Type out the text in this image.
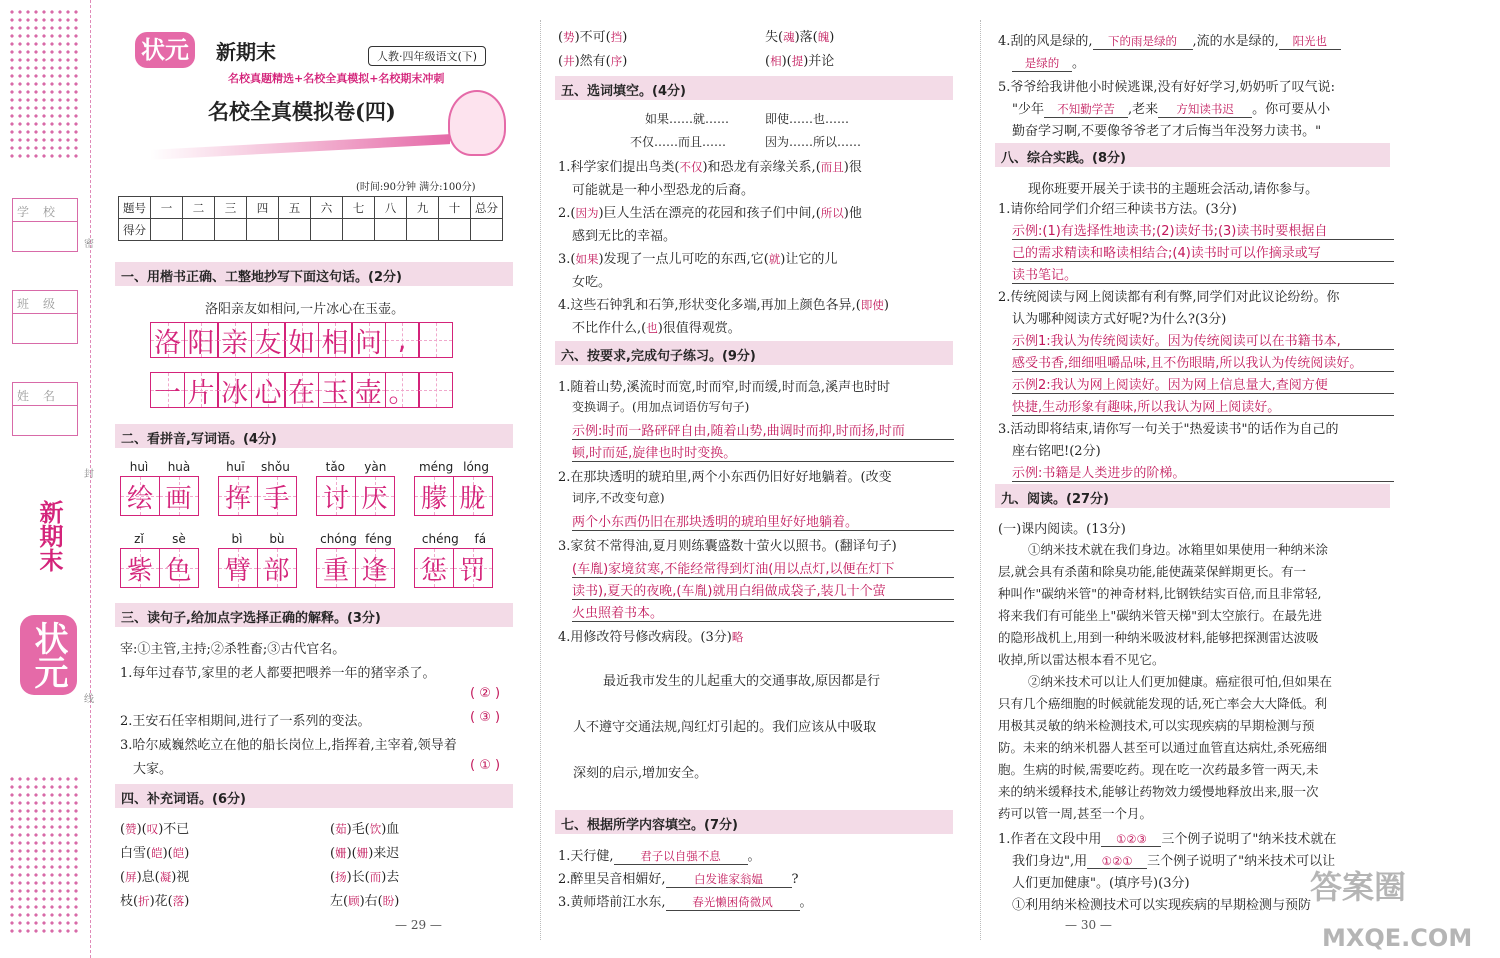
学校
班级
姓名
新期末
状元
密
封
线
状元	新期末	人教·四年级语文(下)
名校真题精选+名校全真模拟+名校期末冲刺
名校全真模拟卷(四)
(时间:90分钟 满分:100分)
题号	一	二	三	四	五	六	七	八	九	十	总分
得分											
一、用楷书正确、工整地抄写下面这句话。(2分)
洛阳亲友如相问,一片冰心在玉壶。
洛 阳 亲 友 如 相 问 ,
一 片 冰 心 在 玉 壶 。
二、看拼音,写词语。(4分)
huì huà
绘 画
huī shǒu
挥 手
tǎo yàn
讨 厌
méng lóng
朦 胧
zǐ sè
紫 色
bì bù
臂 部
chóng féng
重 逢
chéng fá
惩 罚
三、读句子,给加点字选择正确的解释。(3分)
宰:①主管,主持;②杀牲畜;③古代官名。
1.每年过春节,家里的老人都要把喂养一年的猪宰杀了。
( ② )
2.王安石任宰相期间,进行了一系列的变法。	( ③ )
3.哈尔威巍然屹立在他的船长岗位上,指挥着,主宰着,领导着
大家。	( ① )
四、补充词语。(6分)
(赞)(叹)不已
白雪(皑)(皑)
(屏)息(凝)视
枝(折)花(落)
(茹)毛(饮)血
(姗)(姗)来迟
(扬)长(而)去
左(顾)右(盼)
— 29 —
(势)不可(挡)
(井)然有(序)
失(魂)落(魄)
(相)(提)并论
五、选词填空。(4分)
如果……就……	即使……也……
不仅……而且……	因为……所以……
1.科学家们提出鸟类(不仅)和恐龙有亲缘关系,(而且)很
可能就是一种小型恐龙的后裔。
2.(因为)巨人生活在漂亮的花园和孩子们中间,(所以)他
感到无比的幸福。
3.(如果)发现了一点儿可吃的东西,它(就)让它的儿
女吃。
4.这些石钟乳和石笋,形状变化多端,再加上颜色各异,(即使)
不比作什么,(也)很值得观赏。
六、按要求,完成句子练习。(9分)
1.随着山势,溪流时而宽,时而窄,时而缓,时而急,溪声也时时
变换调子。(用加点词语仿写句子)
示例:时而一路砰砰自由,随着山势,曲调时而抑,时而扬,时而
顿,时而延,旋律也时时变换。
2.在那块透明的琥珀里,两个小东西仍旧好好地躺着。(改变
词序,不改变句意)
两个小东西仍旧在那块透明的琥珀里好好地躺着。
3.家贫不常得油,夏月则练囊盛数十萤火以照书。(翻译句子)
(车胤)家境贫寒,不能经常得到灯油(用以点灯,以便在灯下
读书),夏天的夜晚,(车胤)就用白绢做成袋子,装几十个萤
火虫照着书本。
4.用修改符号修改病段。(3分)略
最近我市发生的儿起重大的交通事故,原因都是行
人不遵守交通法规,闯红灯引起的。我们应该从中吸取
深刻的启示,增加安全。
七、根据所学内容填空。(7分)
1.天行健, 君子以自强不息 。
2.醉里吴音相媚好, 白发谁家翁媪 ?
3.黄师塔前江水东, 春光懒困倚微风 。
— 30 —
4.刮的风是绿的, 下的雨是绿的 ,流的水是绿的, 阳光也
是绿的 。
5.爷爷给我讲他小时候逃课,没有好好学习,奶奶听了叹气说:
"少年 不知勤学苦 ,老来 方知读书迟 。你可要从小
勤奋学习啊,不要像爷爷老了才后悔当年没努力读书。"
八、综合实践。(8分)
现你班要开展关于读书的主题班会活动,请你参与。
1.请你给同学们介绍三种读书方法。(3分)
示例:(1)有选择性地读书;(2)读好书;(3)读书时要根据自
己的需求精读和略读相结合;(4)读书时可以作摘录或写
读书笔记。
2.传统阅读与网上阅读都有利有弊,同学们对此议论纷纷。你
认为哪种阅读方式好呢?为什么?(3分)
示例1:我认为传统阅读好。因为传统阅读可以在书籍书本,
感受书香,细细咀嚼品味,且不伤眼睛,所以我认为传统阅读好。
示例2:我认为网上阅读好。因为网上信息量大,查阅方便
快捷,生动形象有趣味,所以我认为网上阅读好。
3.活动即将结束,请你写一句关于"热爱读书"的话作为自己的
座右铭吧!(2分)
示例:书籍是人类进步的阶梯。
九、阅读。(27分)
(一)课内阅读。(13分)
①纳米技术就在我们身边。冰箱里如果使用一种纳米涂
层,就会具有杀菌和除臭功能,能使蔬菜保鲜期更长。有一
种叫作"碳纳米管"的神奇材料,比钢铁结实百倍,而且非常轻,
将来我们有可能坐上"碳纳米管天梯"到太空旅行。在最先进
的隐形战机上,用到一种纳米吸波材料,能够把探测雷达波吸
收掉,所以雷达根本看不见它。
②纳米技术可以让人们更加健康。癌症很可怕,但如果在
只有几个癌细胞的时候就能发现的话,死亡率会大大降低。利
用极其灵敏的纳米检测技术,可以实现疾病的早期检测与预
防。未来的纳米机器人甚至可以通过血管直达病灶,杀死癌细
胞。生病的时候,需要吃药。现在吃一次药最多管一两天,未
来的纳米缓释技术,能够让药物效力缓慢地释放出来,服一次
药可以管一周,甚至一个月。
1.作者在文段中用 ①②③ 三个例子说明了"纳米技术就在
我们身边",用 ①②① 三个例子说明了"纳米技术可以让
人们更加健康"。(填序号)(3分)
①利用纳米检测技术可以实现疾病的早期检测与预防
答案圈
MXQE.COM
